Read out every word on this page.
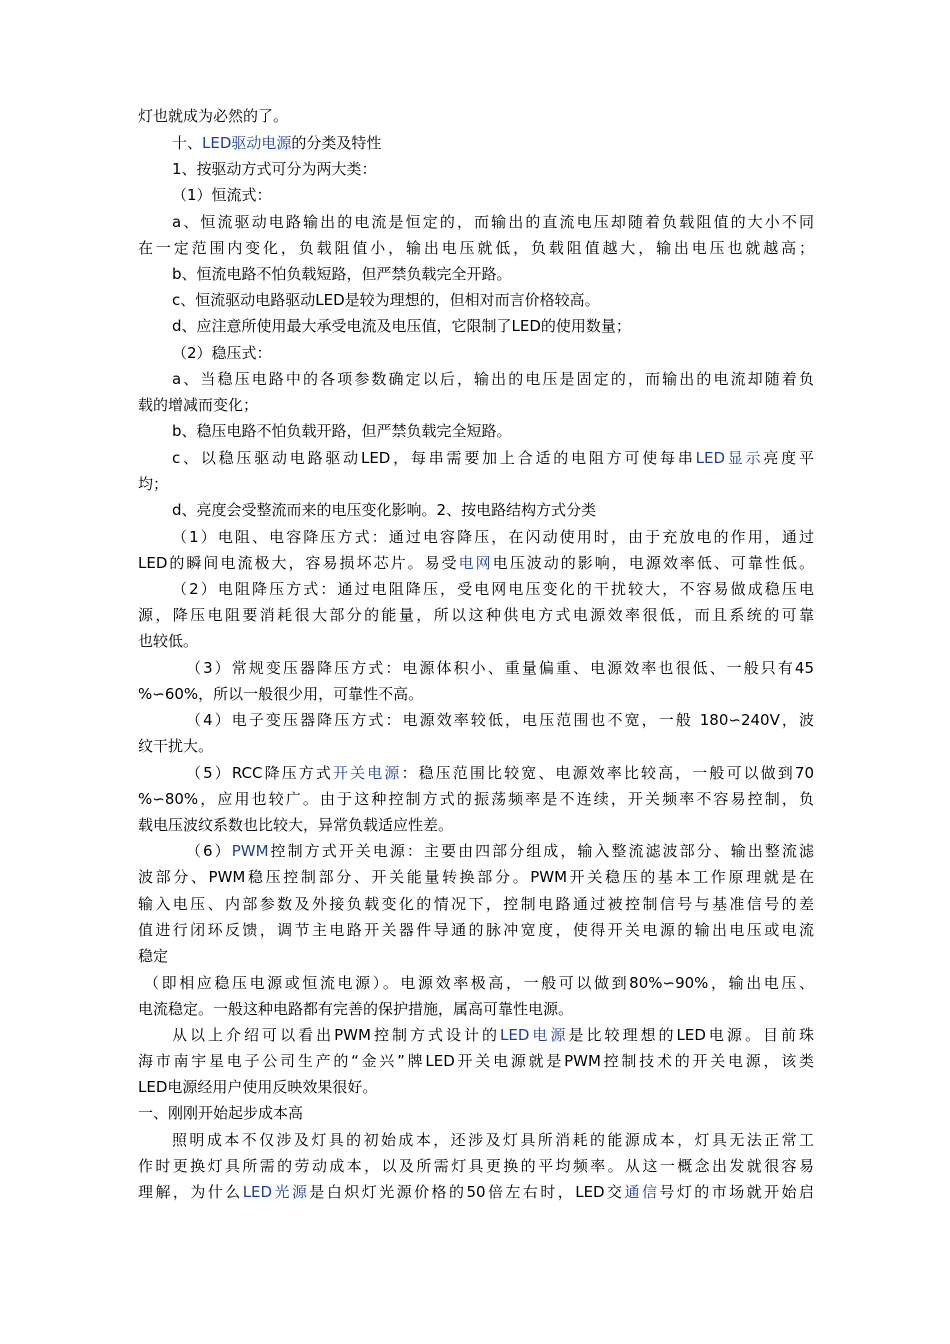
灯也就成为必然的了。
十、LED驱动电源的分类及特性
1、按驱动方式可分为两大类：
（1）恒流式：
a、恒流驱动电路输出的电流是恒定的，而输出的直流电压却随着负载阻值的大小不同
在一定范围内变化，负载阻值小，输出电压就低，负载阻值越大，输出电压也就越高；
b、恒流电路不怕负载短路，但严禁负载完全开路。
c、恒流驱动电路驱动LED是较为理想的，但相对而言价格较高。
d、应注意所使用最大承受电流及电压值，它限制了LED的使用数量；
（2）稳压式：
a、当稳压电路中的各项参数确定以后，输出的电压是固定的，而输出的电流却随着负
载的增减而变化；
b、稳压电路不怕负载开路，但严禁负载完全短路。
c、以稳压驱动电路驱动LED，每串需要加上合适的电阻方可使每串LED显示亮度平
均；
d、亮度会受整流而来的电压变化影响。2、按电路结构方式分类
（1）电阻、电容降压方式：通过电容降压，在闪动使用时，由于充放电的作用，通过
LED的瞬间电流极大，容易损坏芯片。易受电网电压波动的影响，电源效率低、可靠性低。
（2）电阻降压方式：通过电阻降压，受电网电压变化的干扰较大，不容易做成稳压电
源，降压电阻要消耗很大部分的能量，所以这种供电方式电源效率很低，而且系统的可靠
也较低。
（3）常规变压器降压方式：电源体积小、重量偏重、电源效率也很低、一般只有45
%∽60%，所以一般很少用，可靠性不高。
（4）电子变压器降压方式：电源效率较低，电压范围也不宽，一般 180∽240V，波
纹干扰大。
（5）RCC降压方式开关电源：稳压范围比较宽、电源效率比较高，一般可以做到70
%∽80%，应用也较广。由于这种控制方式的振荡频率是不连续，开关频率不容易控制，负
载电压波纹系数也比较大，异常负载适应性差。
（6）PWM控制方式开关电源：主要由四部分组成，输入整流滤波部分、输出整流滤
波部分、PWM稳压控制部分、开关能量转换部分。PWM开关稳压的基本工作原理就是在
输入电压、内部参数及外接负载变化的情况下，控制电路通过被控制信号与基准信号的差
值进行闭环反馈，调节主电路开关器件导通的脉冲宽度，使得开关电源的输出电压或电流
稳定
（即相应稳压电源或恒流电源）。电源效率极高，一般可以做到80%∽90%，输出电压、
电流稳定。一般这种电路都有完善的保护措施，属高可靠性电源。
从以上介绍可以看出PWM控制方式设计的LED电源是比较理想的LED电源。目前珠
海市南宇星电子公司生产的“金兴”牌LED开关电源就是PWM控制技术的开关电源，该类
LED电源经用户使用反映效果很好。
一、刚刚开始起步成本高
照明成本不仅涉及灯具的初始成本，还涉及灯具所消耗的能源成本，灯具无法正常工
作时更换灯具所需的劳动成本，以及所需灯具更换的平均频率。从这一概念出发就很容易
理解，为什么LED光源是白炽灯光源价格的50倍左右时，LED交通信号灯的市场就开始启
